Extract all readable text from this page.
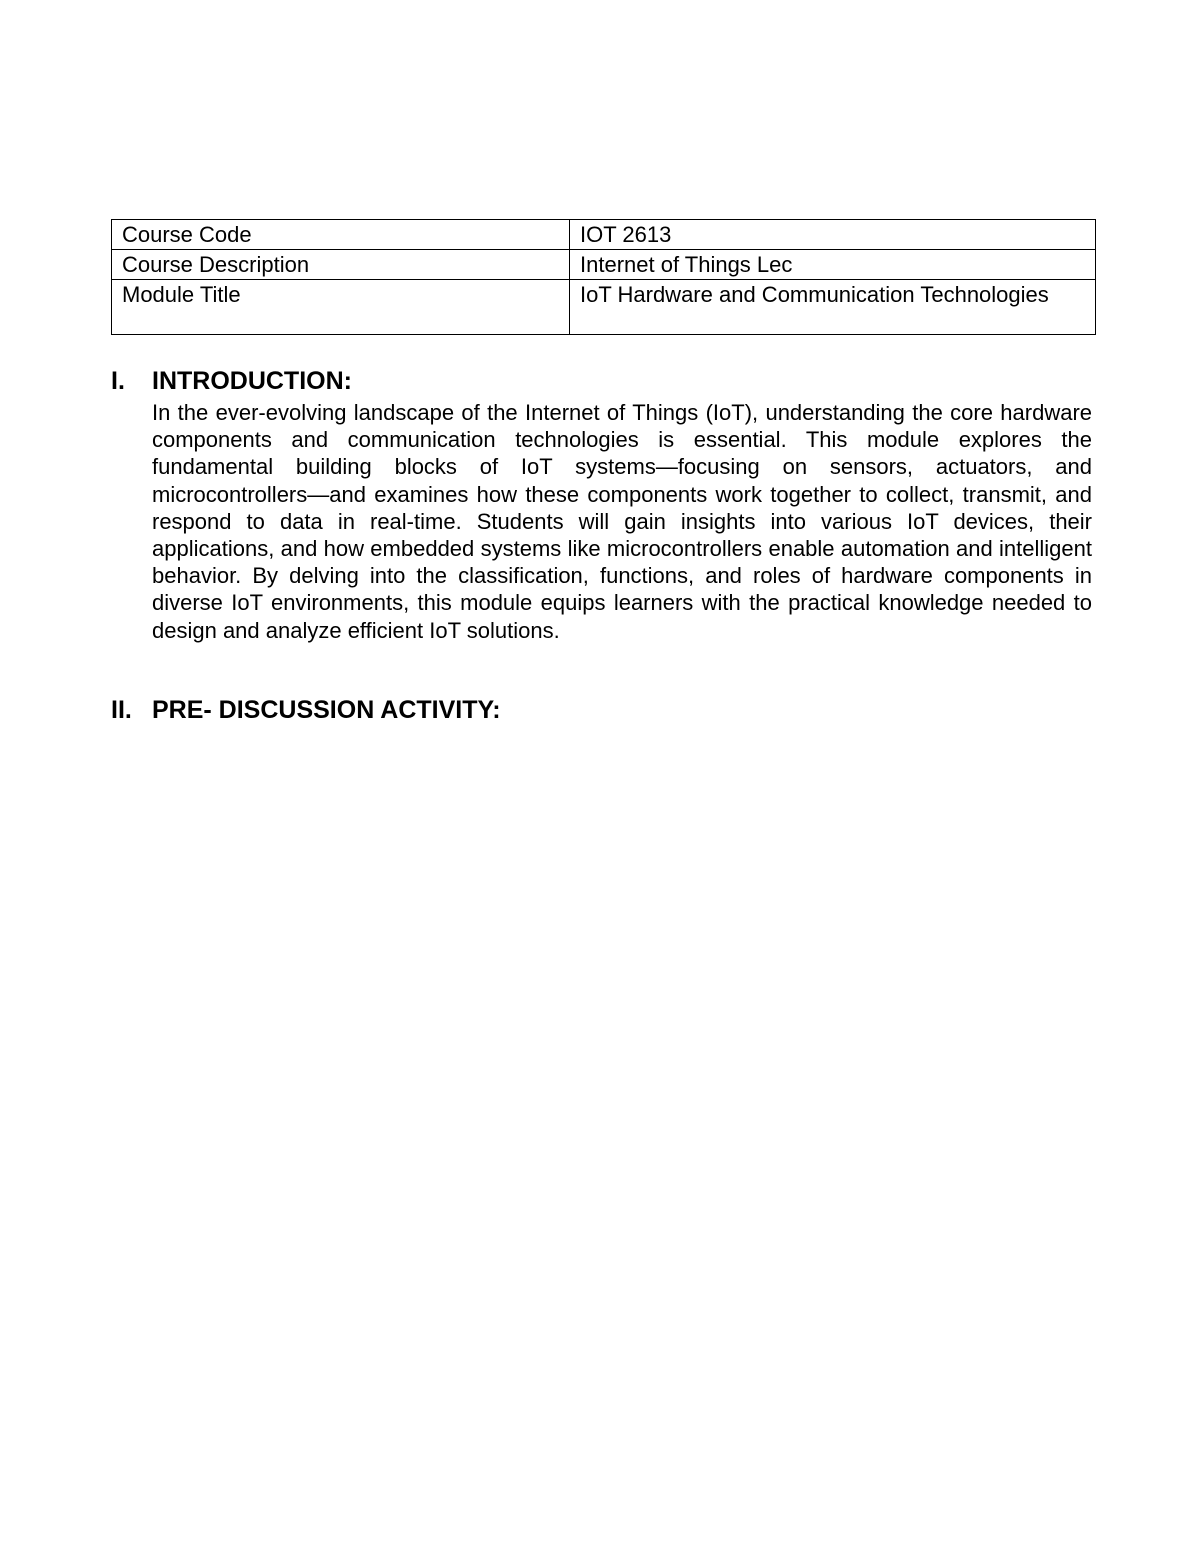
Course Code	IOT 2613
Course Description	Internet of Things Lec
Module Title	IoT Hardware and Communication Technologies
I.	INTRODUCTION:
In the ever-evolving landscape of the Internet of Things (IoT), understanding the core hardware components and communication technologies is essential. This module explores the fundamental building blocks of IoT systems—focusing on sensors, actuators, and microcontrollers—and examines how these components work together to collect, transmit, and respond to data in real-time. Students will gain insights into various IoT devices, their applications, and how embedded systems like microcontrollers enable automation and intelligent behavior. By delving into the classification, functions, and roles of hardware components in diverse IoT environments, this module equips learners with the practical knowledge needed to design and analyze efficient IoT solutions.
II. PRE- DISCUSSION ACTIVITY:
